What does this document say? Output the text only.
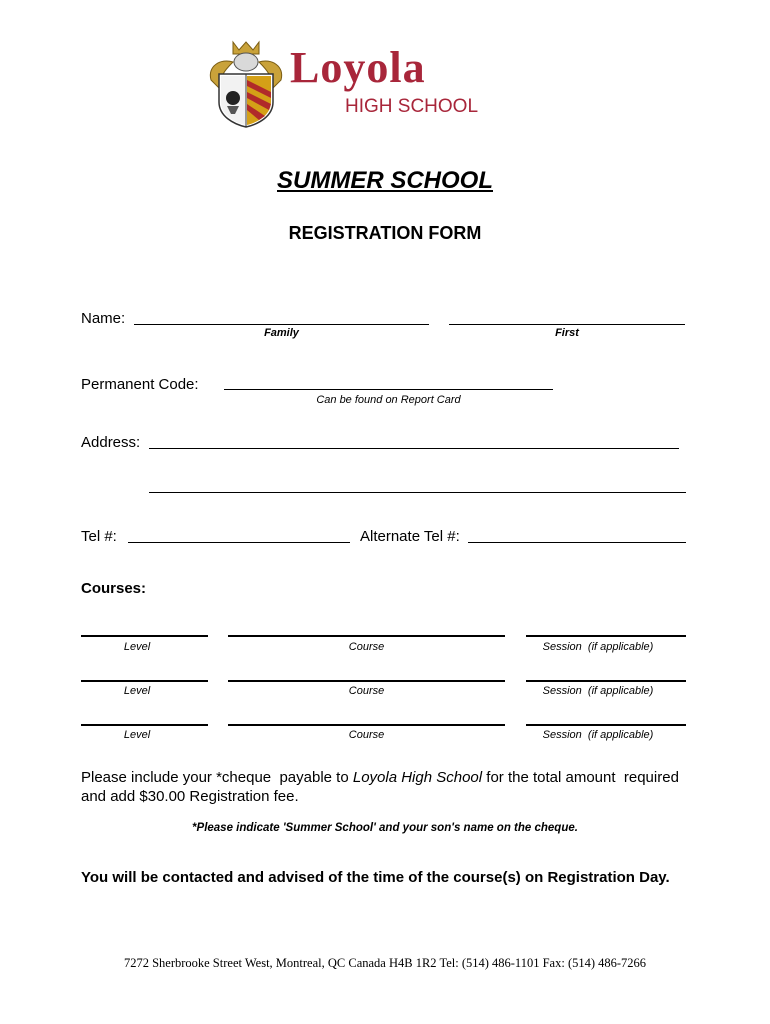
Loyola
HIGH SCHOOL
SUMMER SCHOOL
REGISTRATION FORM
Name:
Family	First
Permanent Code:
Can be found on Report Card
Address:
Tel #:	Alternate Tel #:
Courses:
Level	Course	Session  (if applicable)
Level	Course	Session  (if applicable)
Level	Course	Session  (if applicable)
Please include your *cheque  payable to Loyola High School for the total amount  required and add $30.00 Registration fee.
*Please indicate 'Summer School' and your son's name on the cheque.
You will be contacted and advised of the time of the course(s) on Registration Day.
7272 Sherbrooke Street West, Montreal, QC Canada H4B 1R2 Tel: (514) 486-1101 Fax: (514) 486-7266
